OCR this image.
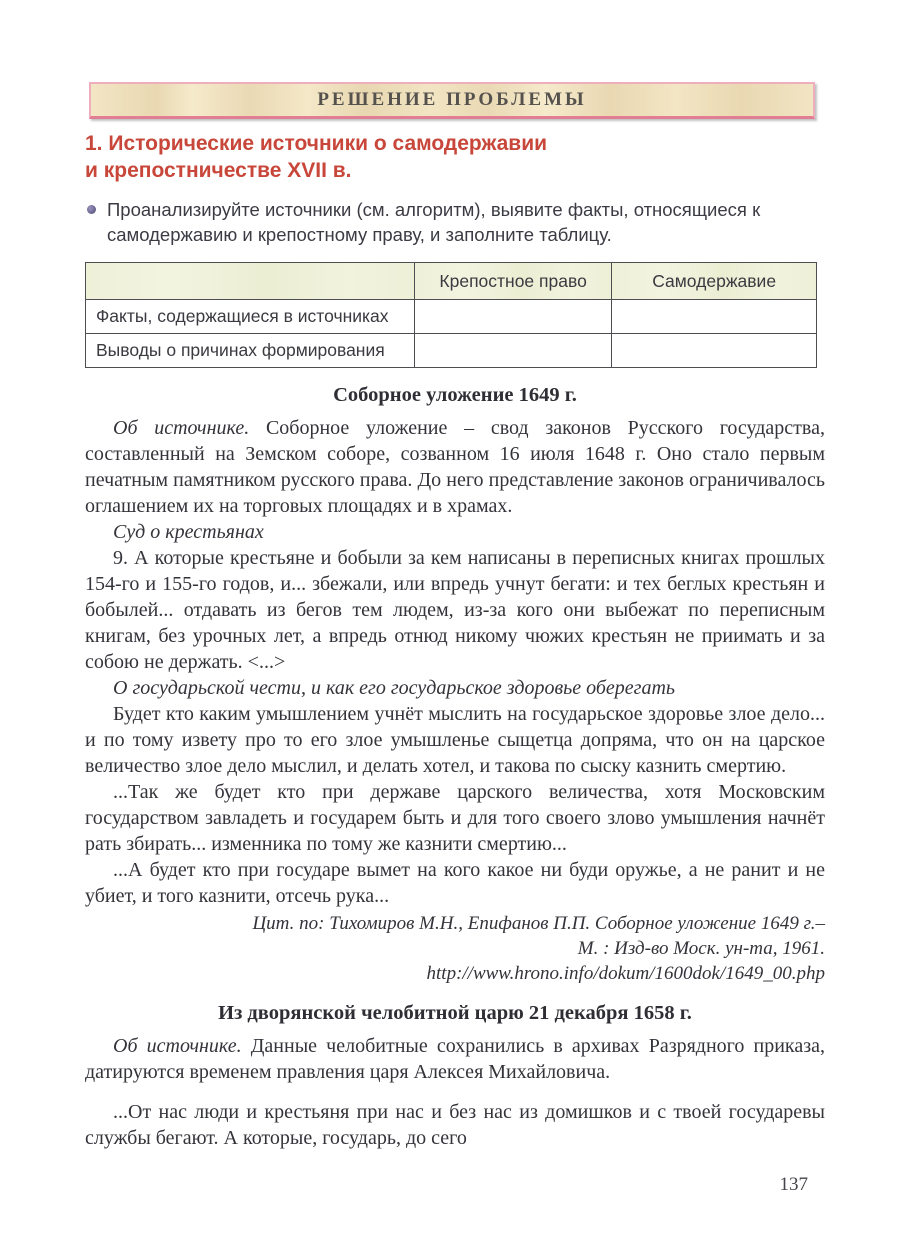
РЕШЕНИЕ ПРОБЛЕМЫ
1. Исторические источники о самодержавии
и крепостничестве XVII в.
Проанализируйте источники (см. алгоритм), выявите факты, относящиеся к самодержавию и крепостному праву, и заполните таблицу.
	Крепостное право	Самодержавие
Факты, содержащиеся в источниках		
Выводы о причинах формирования		
Соборное уложение 1649 г.

Об источнике. Соборное уложение – свод законов Русского государства, составленный на Земском соборе, созванном 16 июля 1648 г. Оно стало первым печатным памятником русского права. До него представление законов ограничивалось оглашением их на торговых площадях и в храмах.

Суд о крестьянах

9. А которые крестьяне и бобыли за кем написаны в переписных книгах прошлых 154-го и 155-го годов, и... збежали, или впредь учнут бегати: и тех беглых крестьян и бобылей... отдавать из бегов тем людем, из-за кого они выбежат по переписным книгам, без урочных лет, а впредь отнюд никому чюжих крестьян не приимать и за собою не держать. <...>

О государьской чести, и как его государьское здоровье оберегать

Будет кто каким умышлением учнёт мыслить на государьское здоровье злое дело... и по тому извету про то его злое умышленье сыщетца допряма, что он на царское величество злое дело мыслил, и делать хотел, и такова по сыску казнить смертию.

...Так же будет кто при державе царского величества, хотя Московским государством завладеть и государем быть и для того своего злово умышления начнёт рать збирать... изменника по тому же казнити смертию...

...А будет кто при государе вымет на кого какое ни буди оружье, а не ранит и не убиет, и того казнити, отсечь рука...

Цит. по: Тихомиров М.Н., Епифанов П.П. Соборное уложение 1649 г.–
М. : Изд-во Моск. ун-та, 1961.
http://www.hrono.info/dokum/1600dok/1649_00.php
Из дворянской челобитной царю 21 декабря 1658 г.

Об источнике. Данные челобитные сохранились в архивах Разрядного приказа, датируются временем правления царя Алексея Михайловича.

...От нас люди и крестьяня при нас и без нас из домишков и с твоей государевы службы бегают. А которые, государь, до сего

137
